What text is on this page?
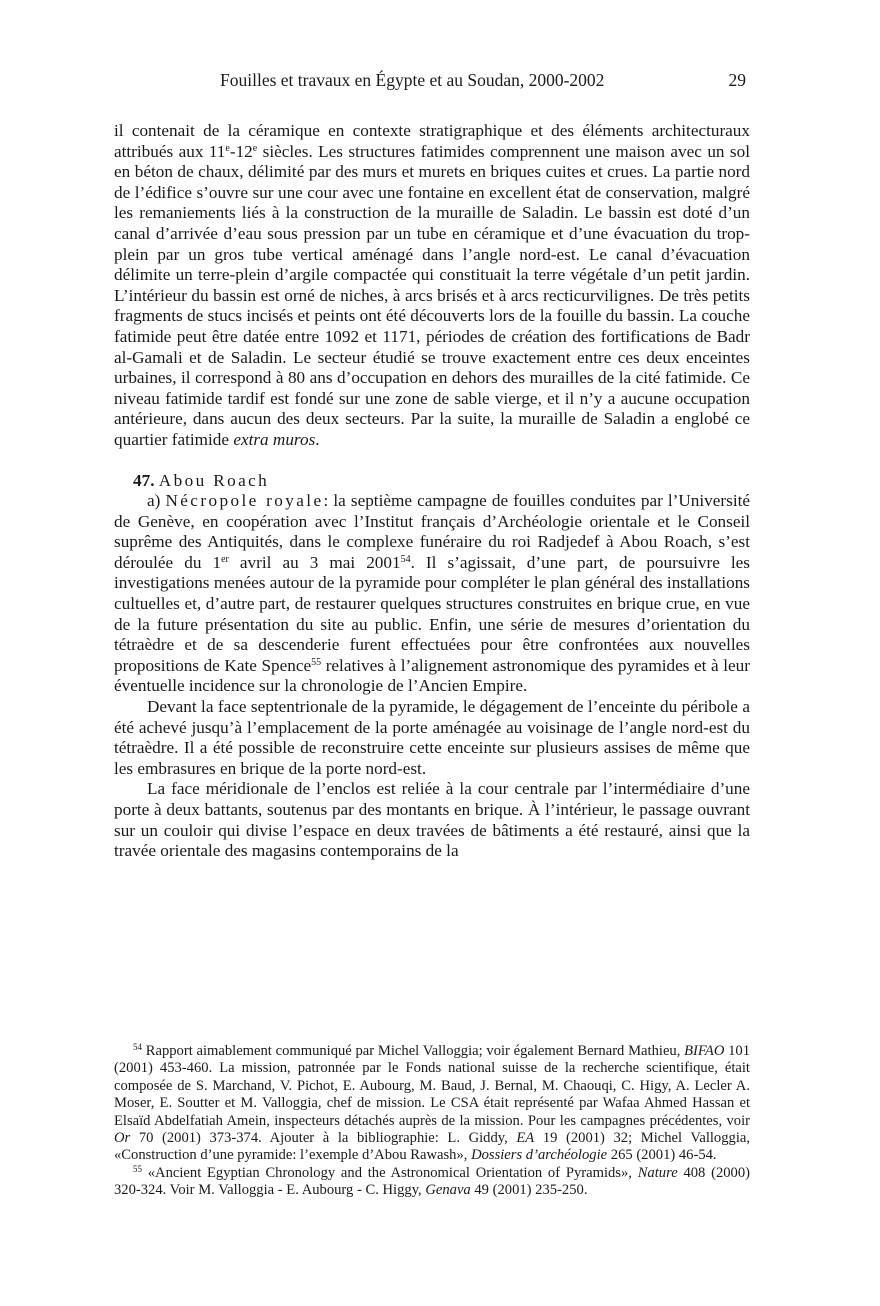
Fouilles et travaux en Égypte et au Soudan, 2000-2002	29

il contenait de la céramique en contexte stratigraphique et des éléments architecturaux attribués aux 11e-12e siècles. Les structures fatimides comprennent une maison avec un sol en béton de chaux, délimité par des murs et murets en briques cuites et crues. La partie nord de l’édifice s’ouvre sur une cour avec une fontaine en excellent état de conservation, malgré les remaniements liés à la construction de la muraille de Saladin. Le bassin est doté d’un canal d’arrivée d’eau sous pression par un tube en céramique et d’une évacuation du trop-plein par un gros tube vertical aménagé dans l’angle nord-est. Le canal d’évacuation délimite un terre-plein d’argile compactée qui constituait la terre végétale d’un petit jardin. L’intérieur du bassin est orné de niches, à arcs brisés et à arcs recticurvilignes. De très petits fragments de stucs incisés et peints ont été découverts lors de la fouille du bassin. La couche fatimide peut être datée entre 1092 et 1171, périodes de création des fortifications de Badr al-Gamali et de Saladin. Le secteur étudié se trouve exactement entre ces deux enceintes urbaines, il correspond à 80 ans d’occupation en dehors des murailles de la cité fatimide. Ce niveau fatimide tardif est fondé sur une zone de sable vierge, et il n’y a aucune occupation antérieure, dans aucun des deux secteurs. Par la suite, la muraille de Saladin a englobé ce quartier fatimide extra muros.

47. Abou Roach

a) Nécropole royale: la septième campagne de fouilles conduites par l’Université de Genève, en coopération avec l’Institut français d’Archéologie orientale et le Conseil suprême des Antiquités, dans le complexe funéraire du roi Radjedef à Abou Roach, s’est déroulée du 1er avril au 3 mai 2001$^{54}$. Il s’agissait, d’une part, de poursuivre les investigations menées autour de la pyramide pour compléter le plan général des installations cultuelles et, d’autre part, de restaurer quelques structures construites en brique crue, en vue de la future présentation du site au public. Enfin, une série de mesures d’orientation du tétraèdre et de sa descenderie furent effectuées pour être confrontées aux nouvelles propositions de Kate Spence$^{55}$ relatives à l’alignement astronomique des pyramides et à leur éventuelle incidence sur la chronologie de l’Ancien Empire.

Devant la face septentrionale de la pyramide, le dégagement de l’enceinte du péribole a été achevé jusqu’à l’emplacement de la porte aménagée au voisinage de l’angle nord-est du tétraèdre. Il a été possible de reconstruire cette enceinte sur plusieurs assises de même que les embrasures en brique de la porte nord-est.

La face méridionale de l’enclos est reliée à la cour centrale par l’intermédiaire d’une porte à deux battants, soutenus par des montants en brique. À l’intérieur, le passage ouvrant sur un couloir qui divise l’espace en deux travées de bâtiments a été restauré, ainsi que la travée orientale des magasins contemporains de la

$^{54}$ Rapport aimablement communiqué par Michel Valloggia; voir également Bernard Mathieu, BIFAO 101 (2001) 453-460. La mission, patronnée par le Fonds national suisse de la recherche scientifique, était composée de S. Marchand, V. Pichot, E. Aubourg, M. Baud, J. Bernal, M. Chaouqi, C. Higy, A. Lecler A. Moser, E. Soutter et M. Valloggia, chef de mission. Le CSA était représenté par Wafaa Ahmed Hassan et Elsaïd Abdelfatiah Amein, inspecteurs détachés auprès de la mission. Pour les campagnes précédentes, voir Or 70 (2001) 373-374. Ajouter à la bibliographie: L. Giddy, EA 19 (2001) 32; Michel Valloggia, «Construction d’une pyramide: l’exemple d’Abou Rawash», Dossiers d’archéologie 265 (2001) 46-54.

$^{55}$ «Ancient Egyptian Chronology and the Astronomical Orientation of Pyramids», Nature 408 (2000) 320-324. Voir M. Valloggia - E. Aubourg - C. Higgy, Genava 49 (2001) 235-250.
